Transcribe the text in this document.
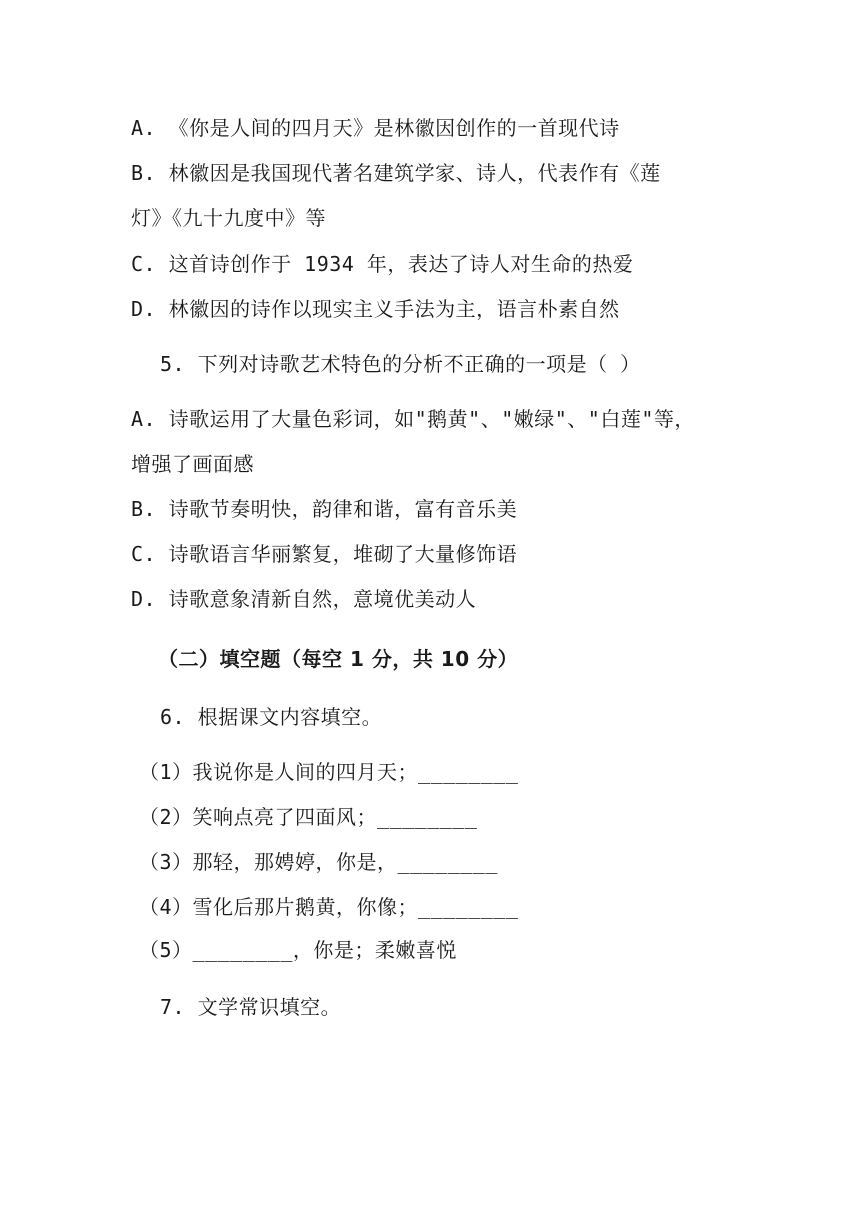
A. 《你是人间的四月天》是林徽因创作的一首现代诗
B. 林徽因是我国现代著名建筑学家、诗人，代表作有《莲
灯》《九十九度中》等
C. 这首诗创作于 1934 年，表达了诗人对生命的热爱
D. 林徽因的诗作以现实主义手法为主，语言朴素自然
5. 下列对诗歌艺术特色的分析不正确的一项是（ ）
A. 诗歌运用了大量色彩词，如"鹅黄"、"嫩绿"、"白莲"等，
增强了画面感
B. 诗歌节奏明快，韵律和谐，富有音乐美
C. 诗歌语言华丽繁复，堆砌了大量修饰语
D. 诗歌意象清新自然，意境优美动人
（二）填空题（每空 1 分，共 10 分）
6. 根据课文内容填空。
（1）我说你是人间的四月天；________
（2）笑响点亮了四面风；________
（3）那轻，那娉婷，你是，________
（4）雪化后那片鹅黄，你像；________
（5）________，你是；柔嫩喜悦
7. 文学常识填空。
